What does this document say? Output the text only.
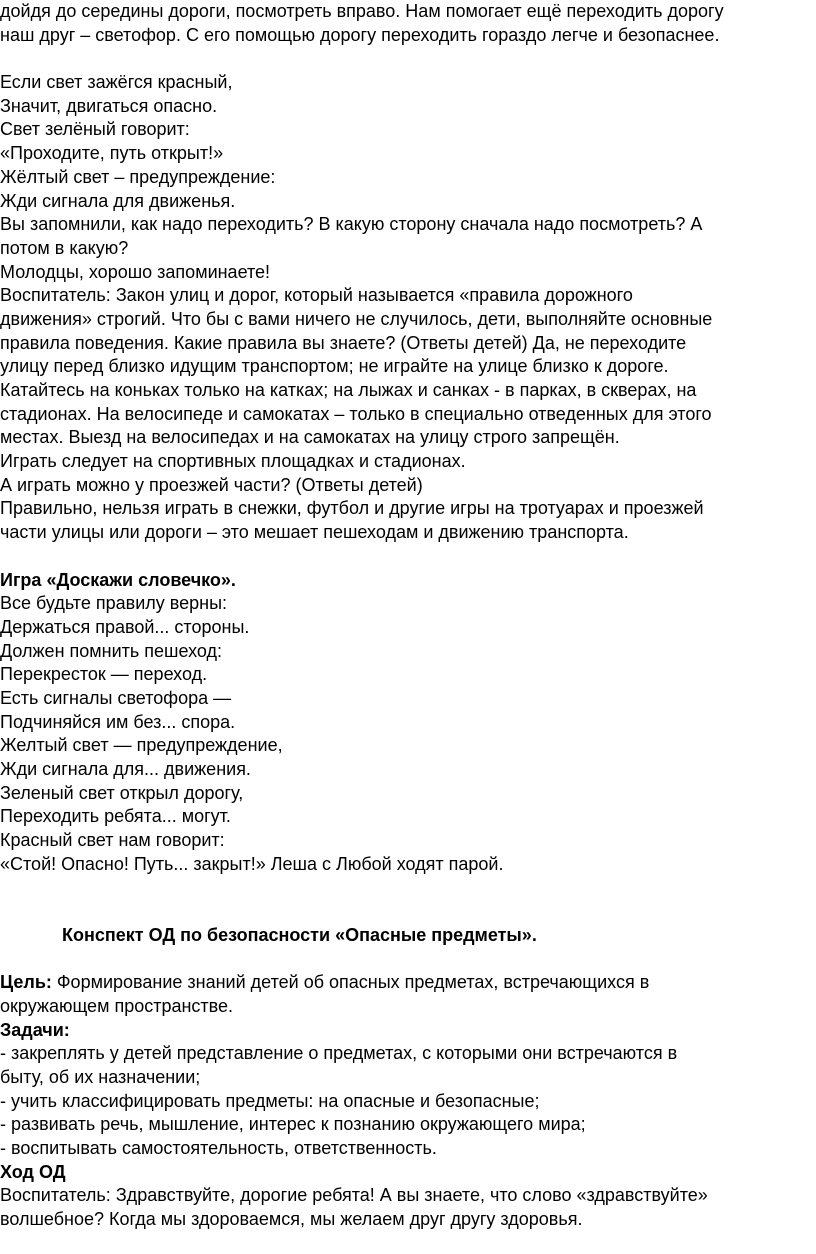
дойдя до середины дороги, посмотреть вправо. Нам помогает ещё переходить дорогу
наш друг – светофор. С его помощью дорогу переходить гораздо легче и безопаснее.
Если свет зажёгся красный,
Значит, двигаться опасно.
Свет зелёный говорит:
«Проходите, путь открыт!»
Жёлтый свет – предупреждение:
Жди сигнала для движенья.
Вы запомнили, как надо переходить? В какую сторону сначала надо посмотреть? А
потом в какую?
Молодцы, хорошо запоминаете!
Воспитатель: Закон улиц и дорог, который называется «правила дорожного
движения» строгий. Что бы с вами ничего не случилось, дети, выполняйте основные
правила поведения. Какие правила вы знаете? (Ответы детей) Да, не переходите
улицу перед близко идущим транспортом; не играйте на улице близко к дороге.
Катайтесь на коньках только на катках; на лыжах и санках - в парках, в скверах, на
стадионах. На велосипеде и самокатах – только в специально отведенных для этого
местах. Выезд на велосипедах и на самокатах на улицу строго запрещён.
Играть следует на спортивных площадках и стадионах.
А играть можно у проезжей части? (Ответы детей)
Правильно, нельзя играть в снежки, футбол и другие игры на тротуарах и проезжей
части улицы или дороги – это мешает пешеходам и движению транспорта.
Игра «Доскажи словечко».
Все будьте правилу верны:
Держаться правой... стороны.
Должен помнить пешеход:
Перекресток — переход.
Есть сигналы светофора —
Подчиняйся им без... спора.
Желтый свет — предупреждение,
Жди сигнала для... движения.
Зеленый свет открыл дорогу,
Переходить ребята... могут.
Красный свет нам говорит:
«Стой! Опасно! Путь... закрыт!» Леша с Любой ходят парой.
Конспект ОД по безопасности «Опасные предметы».
Цель: Формирование знаний детей об опасных предметах, встречающихся в
окружающем пространстве.
Задачи:
- закреплять у детей представление о предметах, с которыми они встречаются в
быту, об их назначении;
- учить классифицировать предметы: на опасные и безопасные;
- развивать речь, мышление, интерес к познанию окружающего мира;
- воспитывать самостоятельность, ответственность.
Ход ОД
Воспитатель: Здравствуйте, дорогие ребята! А вы знаете, что слово «здравствуйте»
волшебное? Когда мы здороваемся, мы желаем друг другу здоровья.
